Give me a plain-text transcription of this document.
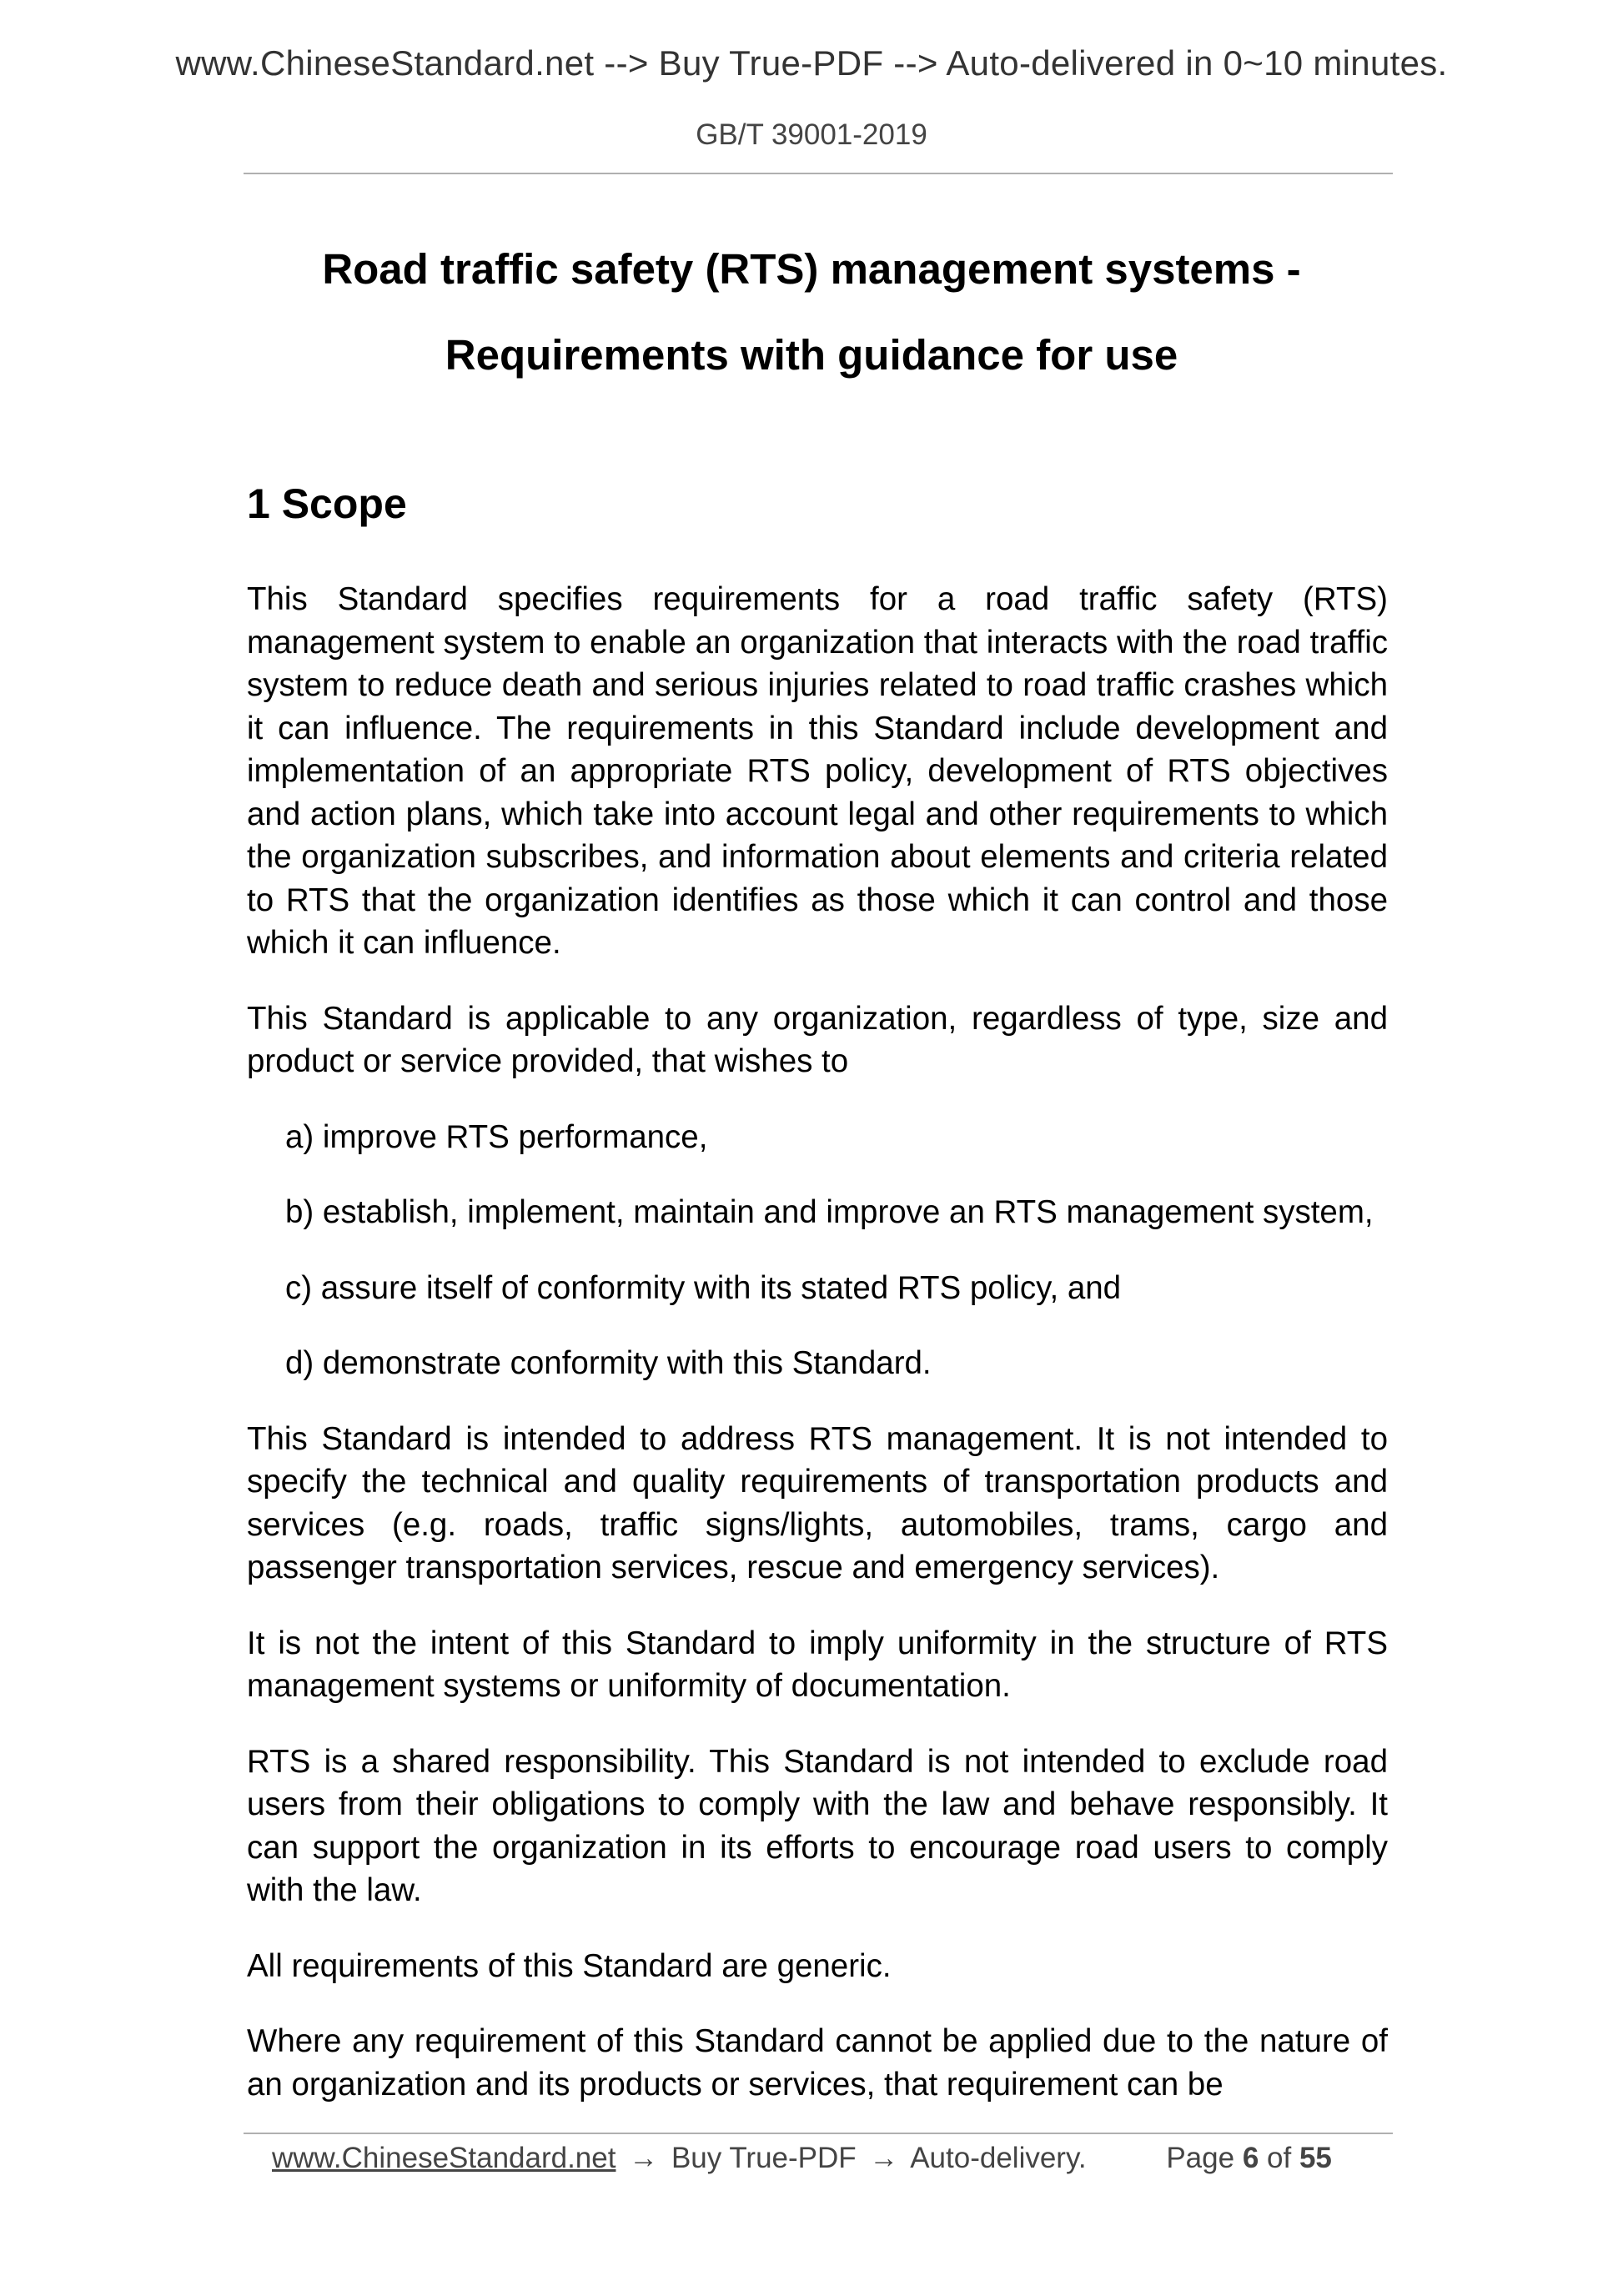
www.ChineseStandard.net --> Buy True-PDF --> Auto-delivered in 0~10 minutes.
GB/T 39001-2019
Road traffic safety (RTS) management systems -
Requirements with guidance for use
1 Scope

This Standard specifies requirements for a road traffic safety (RTS) management system to enable an organization that interacts with the road traffic system to reduce death and serious injuries related to road traffic crashes which it can influence. The requirements in this Standard include development and implementation of an appropriate RTS policy, development of RTS objectives and action plans, which take into account legal and other requirements to which the organization subscribes, and information about elements and criteria related to RTS that the organization identifies as those which it can control and those which it can influence.

This Standard is applicable to any organization, regardless of type, size and product or service provided, that wishes to

a) improve RTS performance,

b) establish, implement, maintain and improve an RTS management system,

c) assure itself of conformity with its stated RTS policy, and

d) demonstrate conformity with this Standard.

This Standard is intended to address RTS management. It is not intended to specify the technical and quality requirements of transportation products and services (e.g. roads, traffic signs/lights, automobiles, trams, cargo and passenger transportation services, rescue and emergency services).

It is not the intent of this Standard to imply uniformity in the structure of RTS management systems or uniformity of documentation.

RTS is a shared responsibility. This Standard is not intended to exclude road users from their obligations to comply with the law and behave responsibly. It can support the organization in its efforts to encourage road users to comply with the law.

All requirements of this Standard are generic.

Where any requirement of this Standard cannot be applied due to the nature of an organization and its products or services, that requirement can be

www.ChineseStandard.net → Buy True-PDF → Auto-delivery.	Page 6 of 55
